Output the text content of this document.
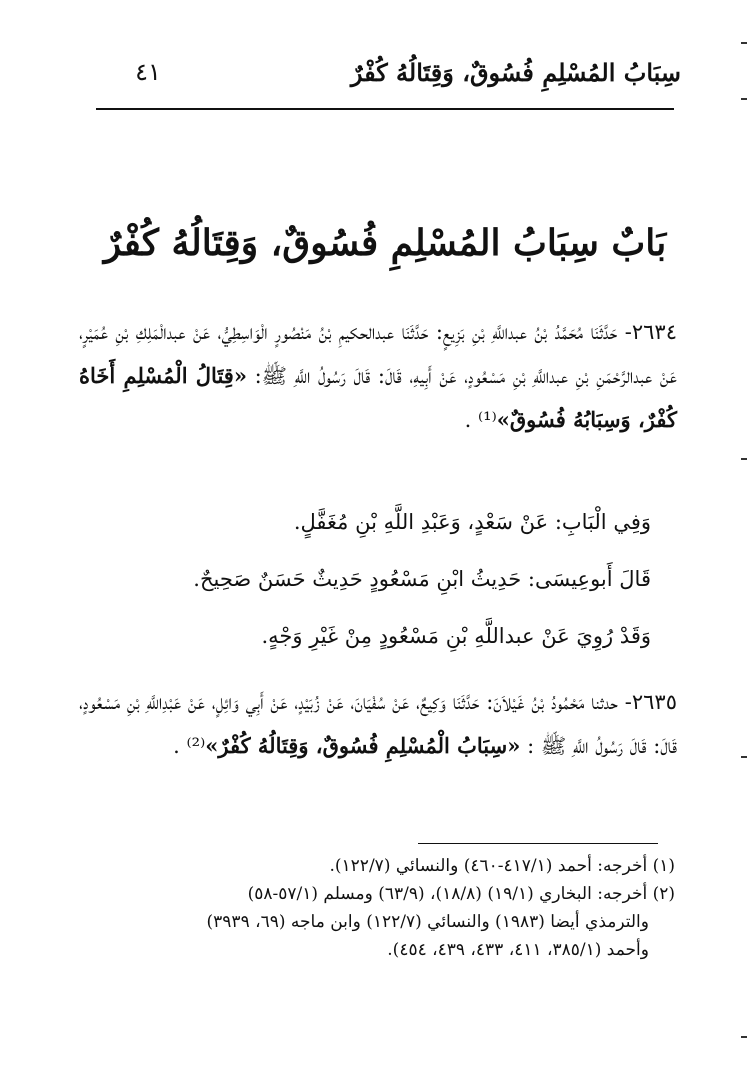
سِبَابُ المُسْلِمِ فُسُوقٌ، وَقِتَالُهُ كُفْرٌ
٤١
بَابٌ سِبَابُ المُسْلِمِ فُسُوقٌ، وَقِتَالُهُ كُفْرٌ

٢٦٣٤- حَدَّثَنَا مُحَمَّدُ بْنُ عبداللَّهِ بْنِ بَزِيعٍ: حَدَّثَنَا عبدالحكيمِ بْنُ مَنْصُورٍ الْوَاسِطِيُّ، عَنْ عبدالْمَلِكِ بْنِ عُمَيْرٍ، عَنْ عبدالرَّحْمَنِ بْنِ عبداللَّهِ بْنِ مَسْعُودٍ، عَنْ أَبِيهِ، قَالَ: قَالَ رَسُولُ اللَّهِ ﷺ: «قِتَالُ الْمُسْلِمِ أَخَاهُ كُفْرٌ، وَسِبَابُهُ فُسُوقٌ»⁽¹⁾ .

وَفِي الْبَابِ: عَنْ سَعْدٍ، وَعَبْدِ اللَّهِ بْنِ مُغَفَّلٍ.
قَالَ أَبوعِيسَى: حَدِيثُ ابْنِ مَسْعُودٍ حَدِيثٌ حَسَنٌ صَحِيحٌ.
وَقَدْ رُوِيَ عَنْ عبداللَّهِ بْنِ مَسْعُودٍ مِنْ غَيْرِ وَجْهٍ.

٢٦٣٥- حدثنا مَحْمُودُ بْنُ غَيْلاَنَ: حَدَّثَنَا وَكِيعٌ، عَنْ سُفْيَانَ، عَنْ زُبَيْدٍ، عَنْ أَبِي وَائِلٍ، عَنْ عَبْدِاللَّهِ بْنِ مَسْعُودٍ، قَالَ: قَالَ رَسُولُ اللَّهِ ﷺ : «سِبَابُ الْمُسْلِمِ فُسُوقٌ، وَقِتَالُهُ كُفْرٌ»⁽²⁾ .

(١) أخرجه: أحمد (٤١٧/١-٤٦٠) والنسائي (١٢٢/٧).

(٢) أخرجه: البخاري (١٩/١) (١٨/٨)، (٦٣/٩) ومسلم (٥٧/١-٥٨)

والترمذي أيضا (١٩٨٣) والنسائي (١٢٢/٧) وابن ماجه (٦٩، ٣٩٣٩)

وأحمد (٣٨٥/١، ٤١١، ٤٣٣، ٤٣٩، ٤٥٤).
